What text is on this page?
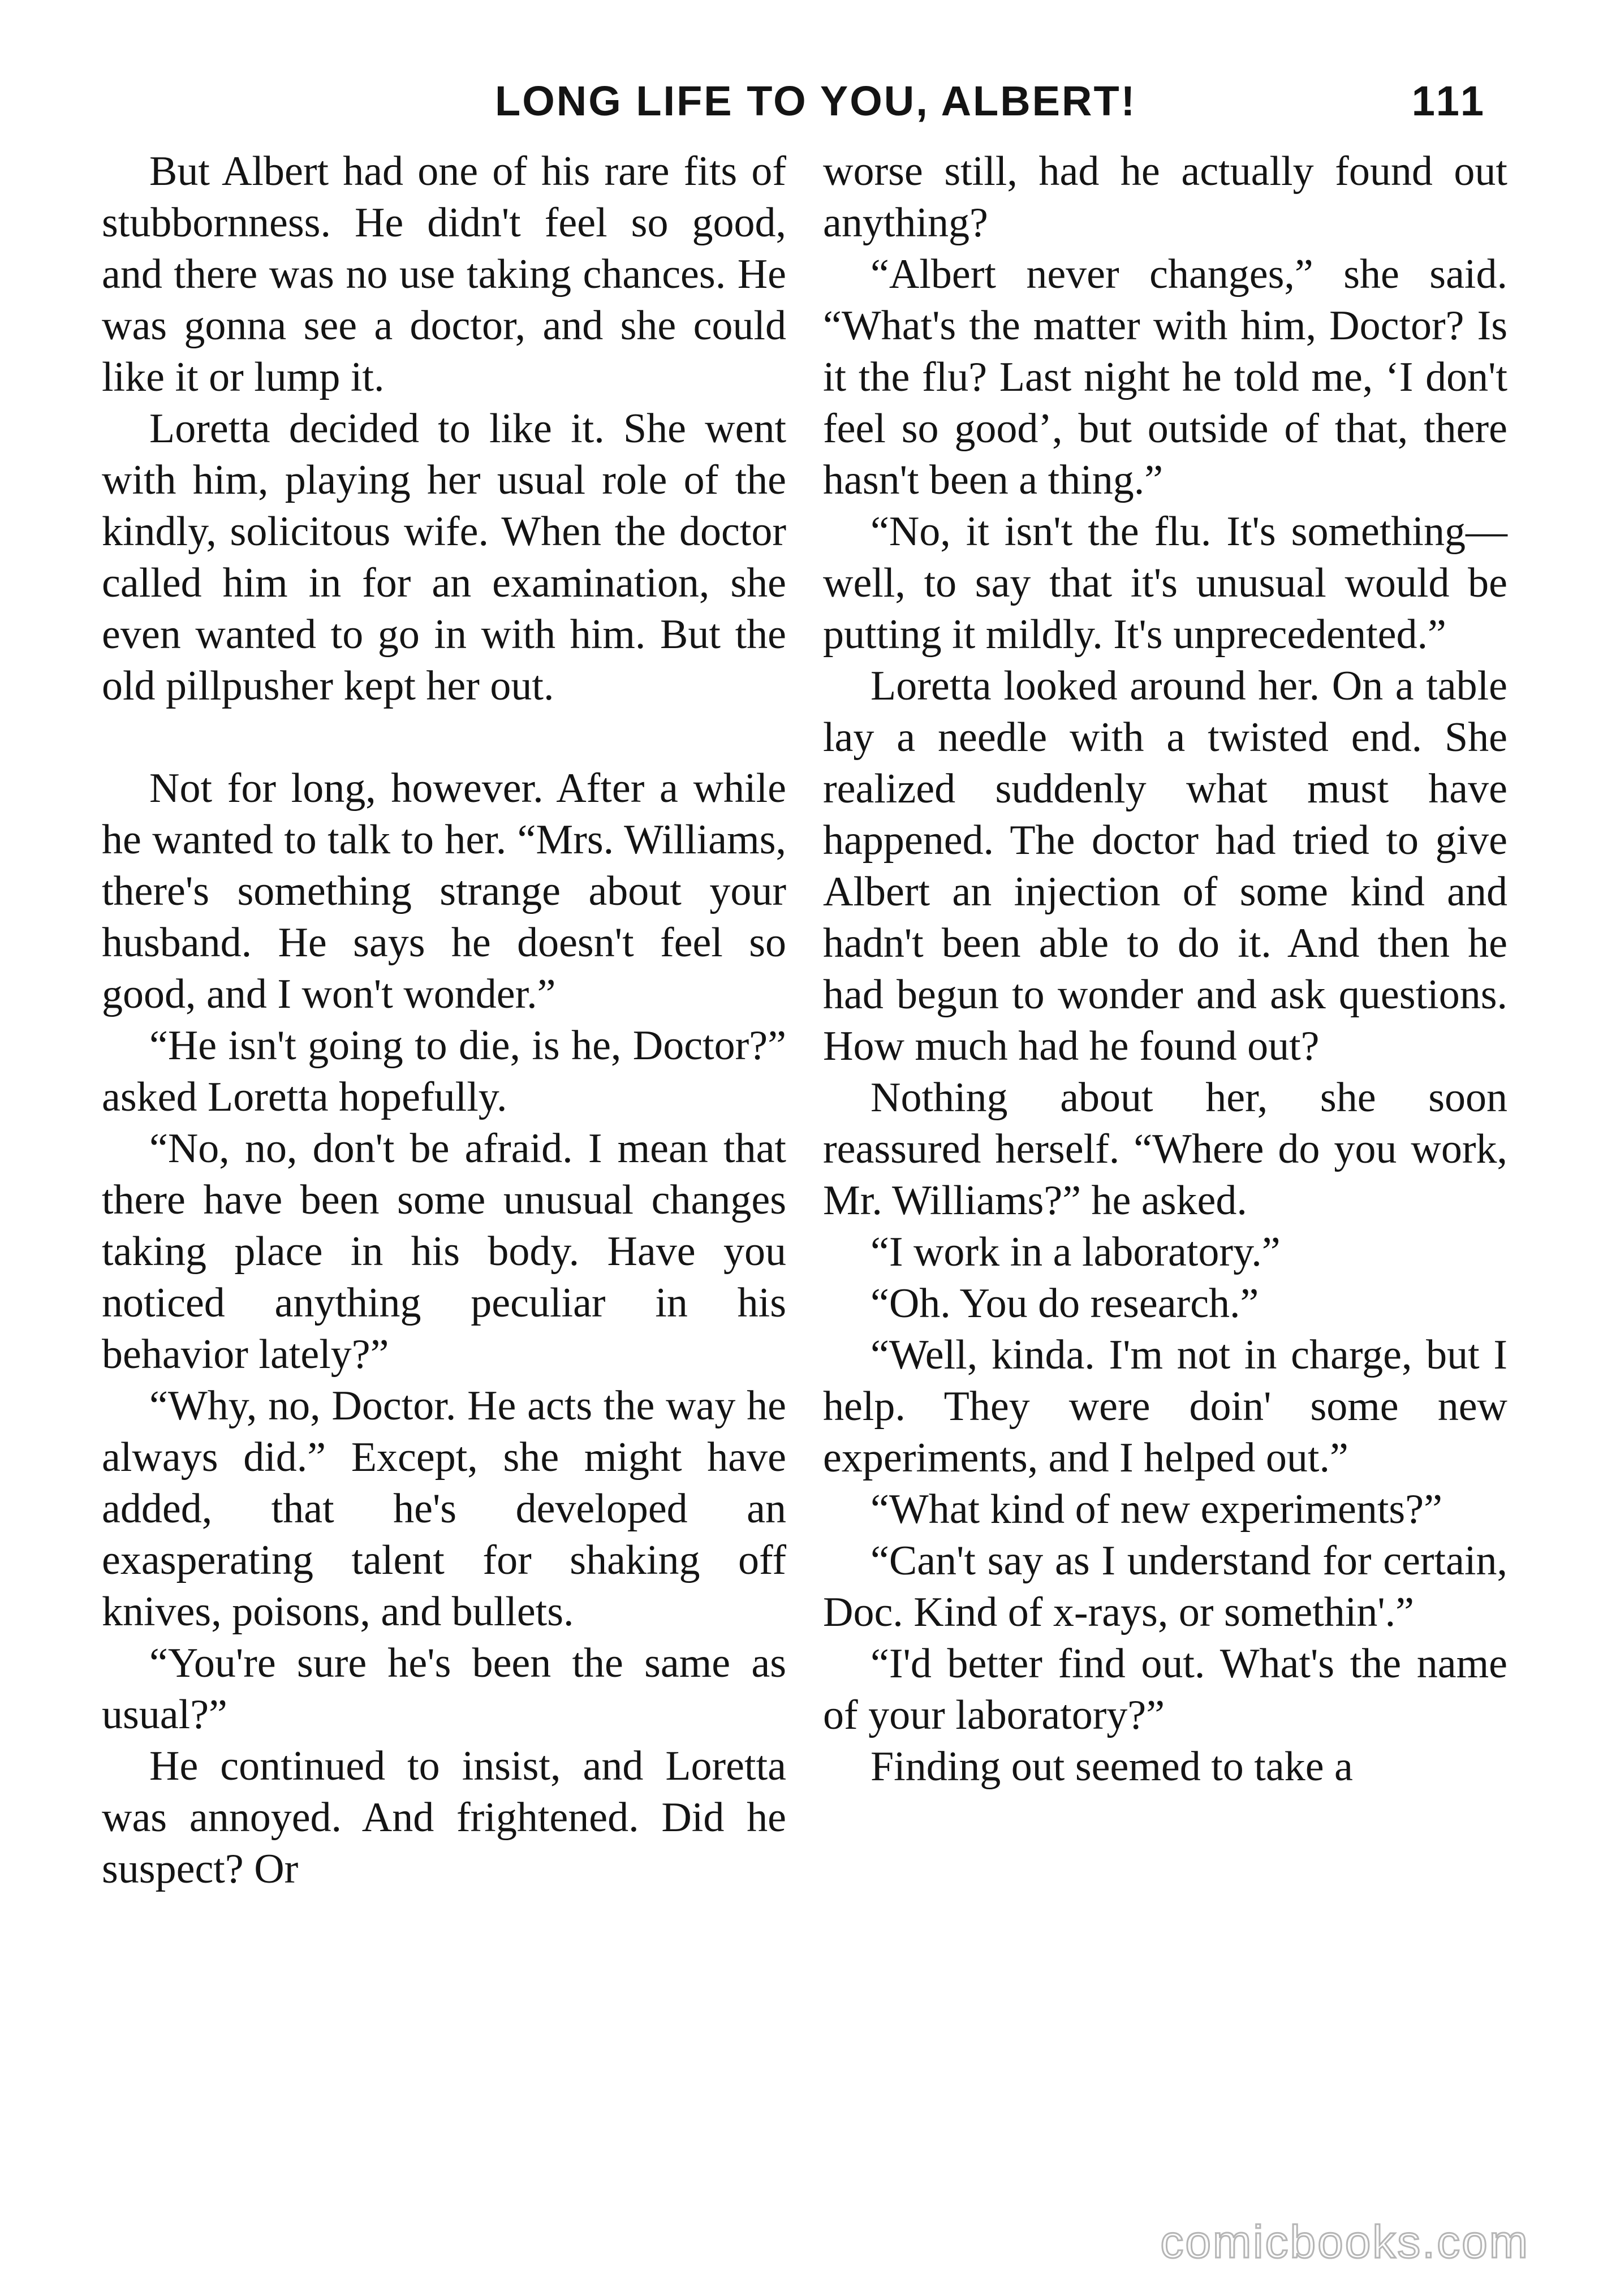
LONG LIFE TO YOU, ALBERT!	111

But Albert had one of his rare fits of stubbornness. He didn't feel so good, and there was no use taking chances. He was gonna see a doctor, and she could like it or lump it.

Loretta decided to like it. She went with him, playing her usual role of the kindly, solicitous wife. When the doctor called him in for an examination, she even wanted to go in with him. But the old pillpusher kept her out.

Not for long, however. After a while he wanted to talk to her. “Mrs. Williams, there's something strange about your husband. He says he doesn't feel so good, and I won't wonder.”

“He isn't going to die, is he, Doctor?” asked Loretta hopefully.

“No, no, don't be afraid. I mean that there have been some unusual changes taking place in his body. Have you noticed anything peculiar in his behavior lately?”

“Why, no, Doctor. He acts the way he always did.” Except, she might have added, that he's developed an exasperating talent for shaking off knives, poisons, and bullets.

“You're sure he's been the same as usual?”

He continued to insist, and Loretta was annoyed. And frightened. Did he suspect? Or

worse still, had he actually found out anything?

“Albert never changes,” she said. “What's the matter with him, Doctor? Is it the flu? Last night he told me, ‘I don't feel so good’, but outside of that, there hasn't been a thing.”

“No, it isn't the flu. It's something—well, to say that it's unusual would be putting it mildly. It's unprecedented.”

Loretta looked around her. On a table lay a needle with a twisted end. She realized suddenly what must have happened. The doctor had tried to give Albert an injection of some kind and hadn't been able to do it. And then he had begun to wonder and ask questions. How much had he found out?

Nothing about her, she soon reassured herself. “Where do you work, Mr. Williams?” he asked.

“I work in a laboratory.”

“Oh. You do research.”

“Well, kinda. I'm not in charge, but I help. They were doin' some new experiments, and I helped out.”

“What kind of new experiments?”

“Can't say as I understand for certain, Doc. Kind of x-rays, or somethin'.”

“I'd better find out. What's the name of your laboratory?”

Finding out seemed to take a

comicbooks.com
